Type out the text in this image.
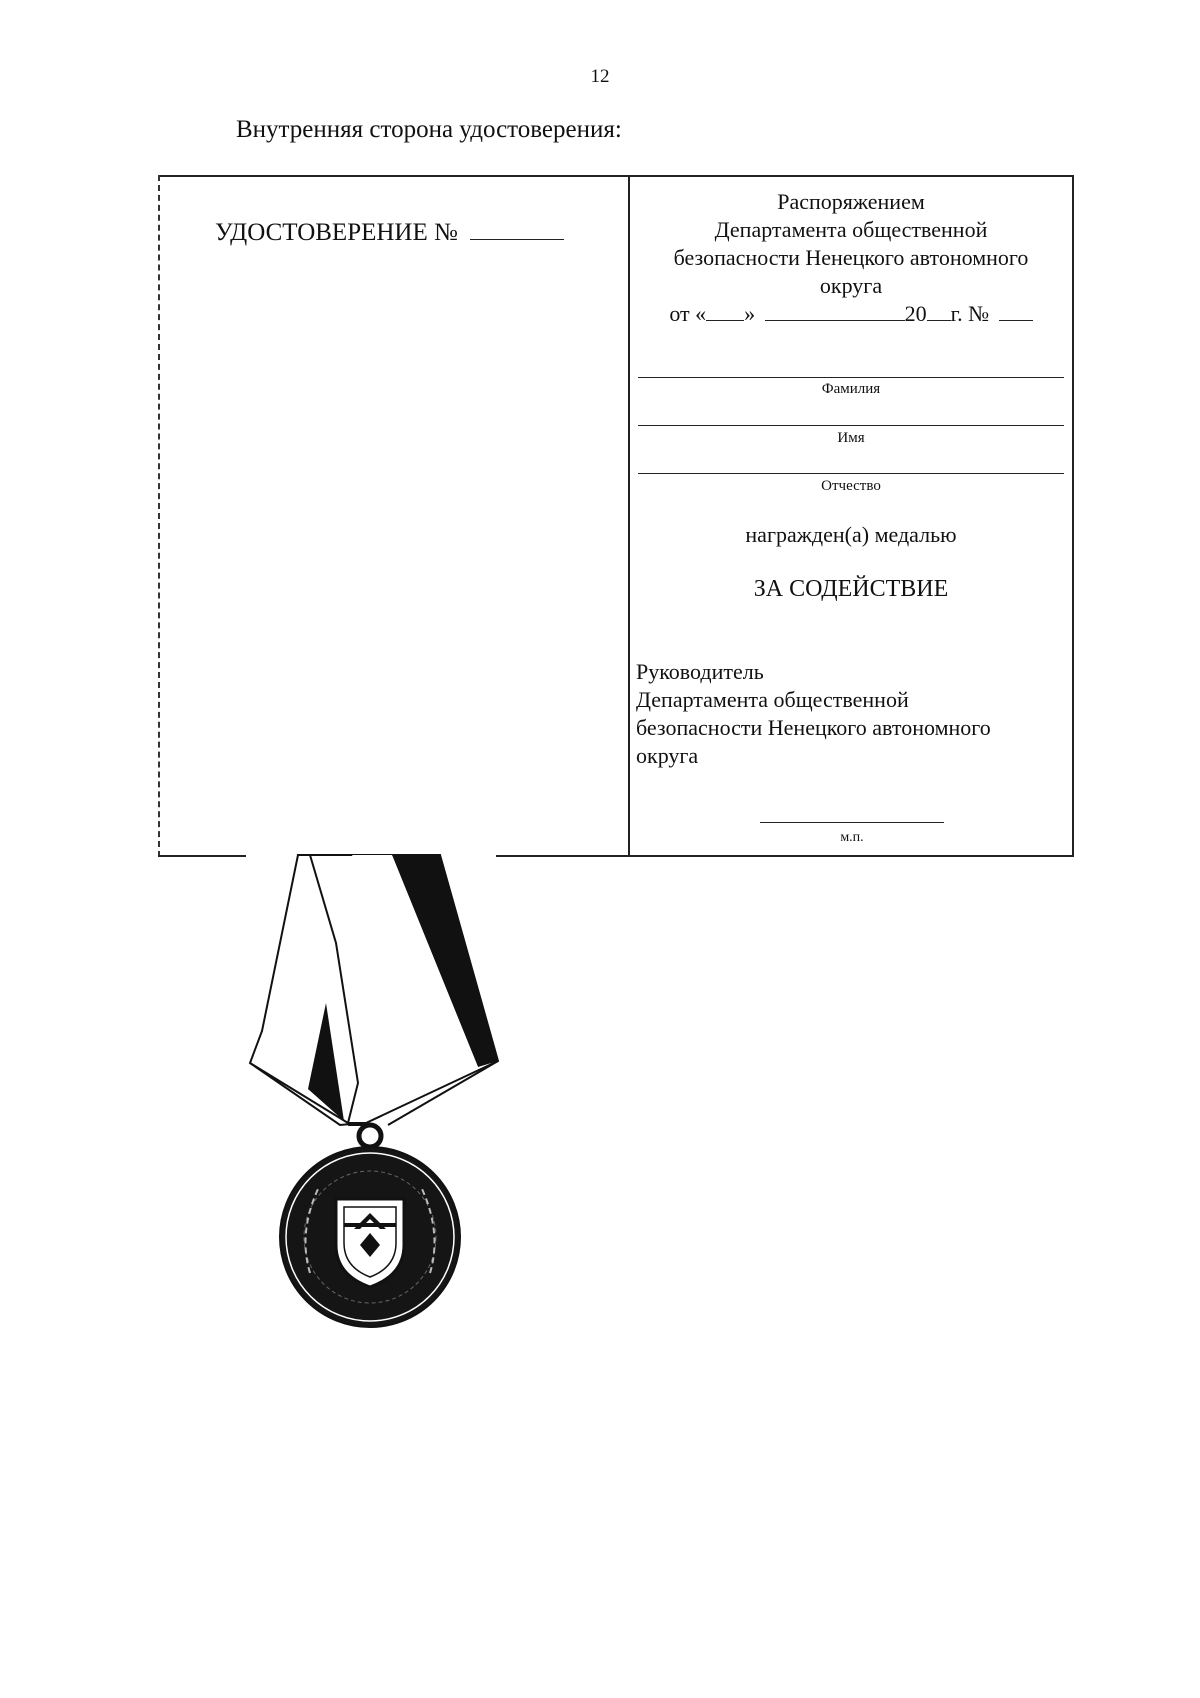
12
Внутренняя сторона удостоверения:
УДОСТОВЕРЕНИЕ №
Распоряжением
Департамента общественной
безопасности Ненецкого автономного
округа
от « »	20 г. №
Фамилия
Имя
Отчество
награжден(а) медалью
ЗА СОДЕЙСТВИЕ
Руководитель
Департамента общественной
безопасности Ненецкого автономного
округа
м.п.
